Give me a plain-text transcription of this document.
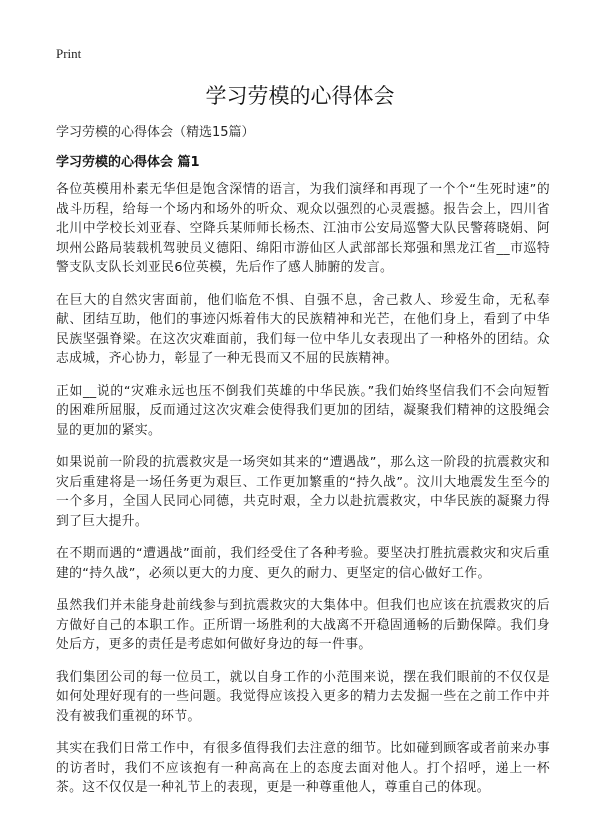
Print
学习劳模的心得体会

学习劳模的心得体会（精选15篇）

学习劳模的心得体会 篇1

各位英模用朴素无华但是饱含深情的语言，为我们演绎和再现了一个个“生死时速”的战斗历程，给每一个场内和场外的听众、观众以强烈的心灵震撼。报告会上，四川省北川中学校长刘亚春、空降兵某师师长杨杰、江油市公安局巡警大队民警蒋晓娟、阿坝州公路局装载机驾驶员义德阳、绵阳市游仙区人武部部长郑强和黑龙江省__市巡特警支队支队长刘亚民6位英模，先后作了感人肺腑的发言。

在巨大的自然灾害面前，他们临危不惧、自强不息，舍己救人、珍爱生命，无私奉献、团结互助，他们的事迹闪烁着伟大的民族精神和光芒，在他们身上，看到了中华民族坚强脊梁。在这次灾难面前，我们每一位中华儿女表现出了一种格外的团结。众志成城，齐心协力，彰显了一种无畏而又不屈的民族精神。

正如__说的“灾难永远也压不倒我们英雄的中华民族。”我们始终坚信我们不会向短暂的困难所屈服，反而通过这次灾难会使得我们更加的团结，凝聚我们精神的这股绳会显的更加的紧实。

如果说前一阶段的抗震救灾是一场突如其来的“遭遇战”，那么这一阶段的抗震救灾和灾后重建将是一场任务更为艰巨、工作更加繁重的“持久战”。汶川大地震发生至今的一个多月，全国人民同心同德，共克时艰，全力以赴抗震救灾，中华民族的凝聚力得到了巨大提升。

在不期而遇的“遭遇战”面前，我们经受住了各种考验。要坚决打胜抗震救灾和灾后重建的“持久战”，必须以更大的力度、更久的耐力、更坚定的信心做好工作。

虽然我们并未能身赴前线参与到抗震救灾的大集体中。但我们也应该在抗震救灾的后方做好自己的本职工作。正所谓一场胜利的大战离不开稳固通畅的后勤保障。我们身处后方，更多的责任是考虑如何做好身边的每一件事。

我们集团公司的每一位员工，就以自身工作的小范围来说，摆在我们眼前的不仅仅是如何处理好现有的一些问题。我觉得应该投入更多的精力去发掘一些在之前工作中并没有被我们重视的环节。

其实在我们日常工作中，有很多值得我们去注意的细节。比如碰到顾客或者前来办事的访者时，我们不应该抱有一种高高在上的态度去面对他人。打个招呼，递上一杯茶。这不仅仅是一种礼节上的表现，更是一种尊重他人，尊重自己的体现。
